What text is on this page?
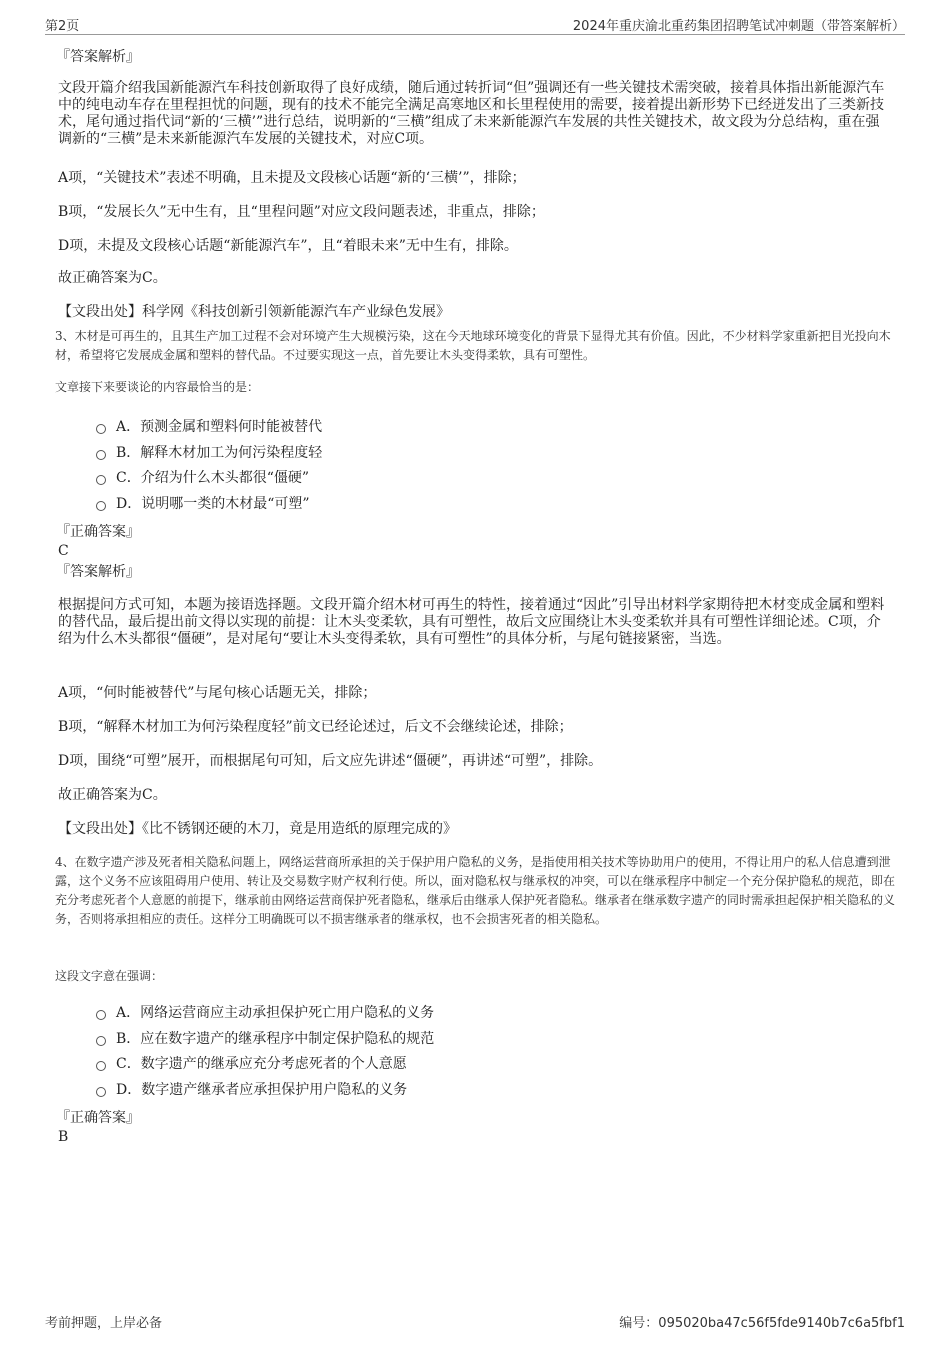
第2页	2024年重庆渝北重药集团招聘笔试冲刺题（带答案解析）
『答案解析』
文段开篇介绍我国新能源汽车科技创新取得了良好成绩，随后通过转折词“但”强调还有一些关键技术需突破，接着具体指出新能源汽车中的纯电动车存在里程担忧的问题，现有的技术不能完全满足高寒地区和长里程使用的需要，接着提出新形势下已经迸发出了三类新技术，尾句通过指代词“新的‘三横’”进行总结，说明新的“三横”组成了未来新能源汽车发展的共性关键技术，故文段为分总结构，重在强调新的“三横”是未来新能源汽车发展的关键技术，对应C项。
A项，“关键技术”表述不明确，且未提及文段核心话题“新的‘三横’”，排除；
B项，“发展长久”无中生有，且“里程问题”对应文段问题表述，非重点，排除；
D项，未提及文段核心话题“新能源汽车”，且“着眼未来”无中生有，排除。
故正确答案为C。
【文段出处】科学网《科技创新引领新能源汽车产业绿色发展》
3、木材是可再生的，且其生产加工过程不会对环境产生大规模污染，这在今天地球环境变化的背景下显得尤其有价值。因此，不少材料学家重新把目光投向木材，希望将它发展成金属和塑料的替代品。不过要实现这一点，首先要让木头变得柔软，具有可塑性。
文章接下来要谈论的内容最恰当的是：
A．预测金属和塑料何时能被替代
B．解释木材加工为何污染程度轻
C．介绍为什么木头都很“僵硬”
D．说明哪一类的木材最“可塑”
『正确答案』
C
『答案解析』
根据提问方式可知，本题为接语选择题。文段开篇介绍木材可再生的特性，接着通过“因此”引导出材料学家期待把木材变成金属和塑料的替代品，最后提出前文得以实现的前提：让木头变柔软，具有可塑性，故后文应围绕让木头变柔软并具有可塑性详细论述。C项，介绍为什么木头都很“僵硬”，是对尾句“要让木头变得柔软，具有可塑性”的具体分析，与尾句链接紧密，当选。
A项，“何时能被替代”与尾句核心话题无关，排除；
B项，“解释木材加工为何污染程度轻”前文已经论述过，后文不会继续论述，排除；
D项，围绕“可塑”展开，而根据尾句可知，后文应先讲述“僵硬”，再讲述“可塑”，排除。
故正确答案为C。
【文段出处】《比不锈钢还硬的木刀，竟是用造纸的原理完成的》
4、在数字遗产涉及死者相关隐私问题上，网络运营商所承担的关于保护用户隐私的义务，是指使用相关技术等协助用户的使用，不得让用户的私人信息遭到泄露，这个义务不应该阻碍用户使用、转让及交易数字财产权利行使。所以，面对隐私权与继承权的冲突，可以在继承程序中制定一个充分保护隐私的规范，即在充分考虑死者个人意愿的前提下，继承前由网络运营商保护死者隐私，继承后由继承人保护死者隐私。继承者在继承数字遗产的同时需承担起保护相关隐私的义务，否则将承担相应的责任。这样分工明确既可以不损害继承者的继承权，也不会损害死者的相关隐私。
这段文字意在强调：
A．网络运营商应主动承担保护死亡用户隐私的义务
B．应在数字遗产的继承程序中制定保护隐私的规范
C．数字遗产的继承应充分考虑死者的个人意愿
D．数字遗产继承者应承担保护用户隐私的义务
『正确答案』
B
考前押题，上岸必备	编号：095020ba47c56f5fde9140b7c6a5fbf1
